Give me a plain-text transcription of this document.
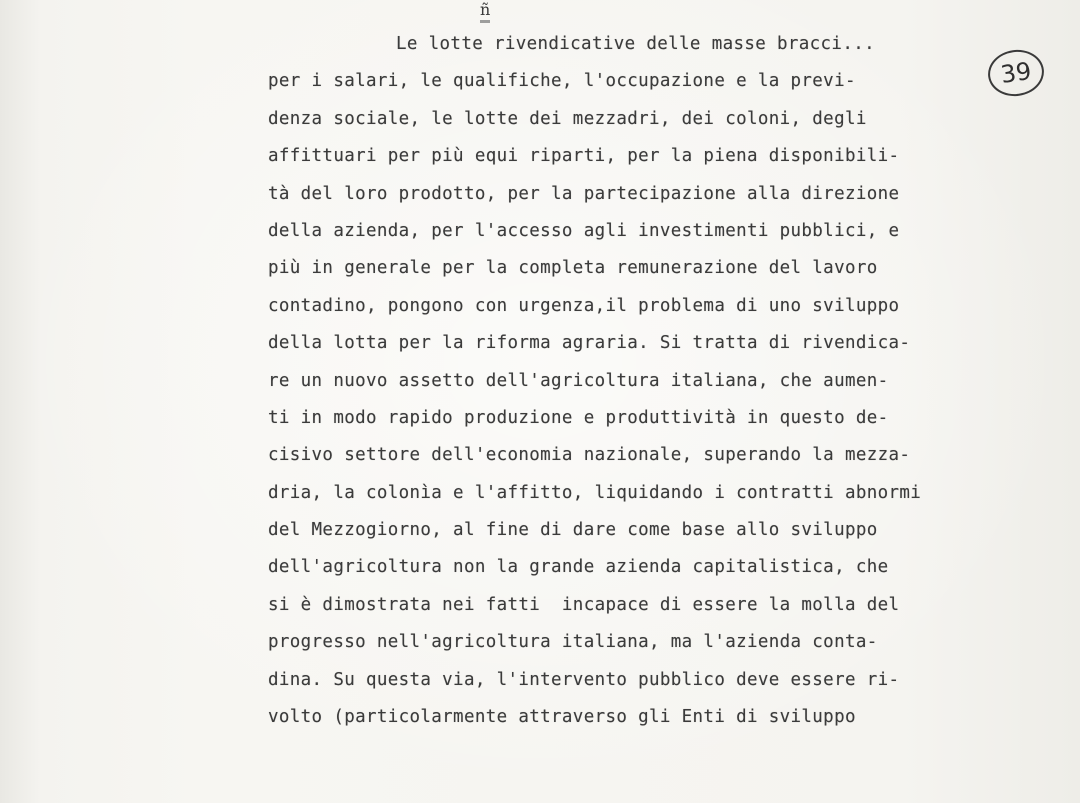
ñ
39
Le lotte rivendicative delle masse bracci...
per i salari, le qualifiche, l'occupazione e la previ-
denza sociale, le lotte dei mezzadri, dei coloni, degli
affittuari per più equi riparti, per la piena disponibili-
tà del loro prodotto, per la partecipazione alla direzione
della azienda, per l'accesso agli investimenti pubblici, e
più in generale per la completa remunerazione del lavoro
contadino, pongono con urgenza,il problema di uno sviluppo
della lotta per la riforma agraria. Si tratta di rivendica-
re un nuovo assetto dell'agricoltura italiana, che aumen-
ti in modo rapido produzione e produttività in questo de-
cisivo settore dell'economia nazionale, superando la mezza-
dria, la colonìa e l'affitto, liquidando i contratti abnormi
del Mezzogiorno, al fine di dare come base allo sviluppo
dell'agricoltura non la grande azienda capitalistica, che
si è dimostrata nei fatti  incapace di essere la molla del
progresso nell'agricoltura italiana, ma l'azienda conta-
dina. Su questa via, l'intervento pubblico deve essere ri-
volto (particolarmente attraverso gli Enti di sviluppo
